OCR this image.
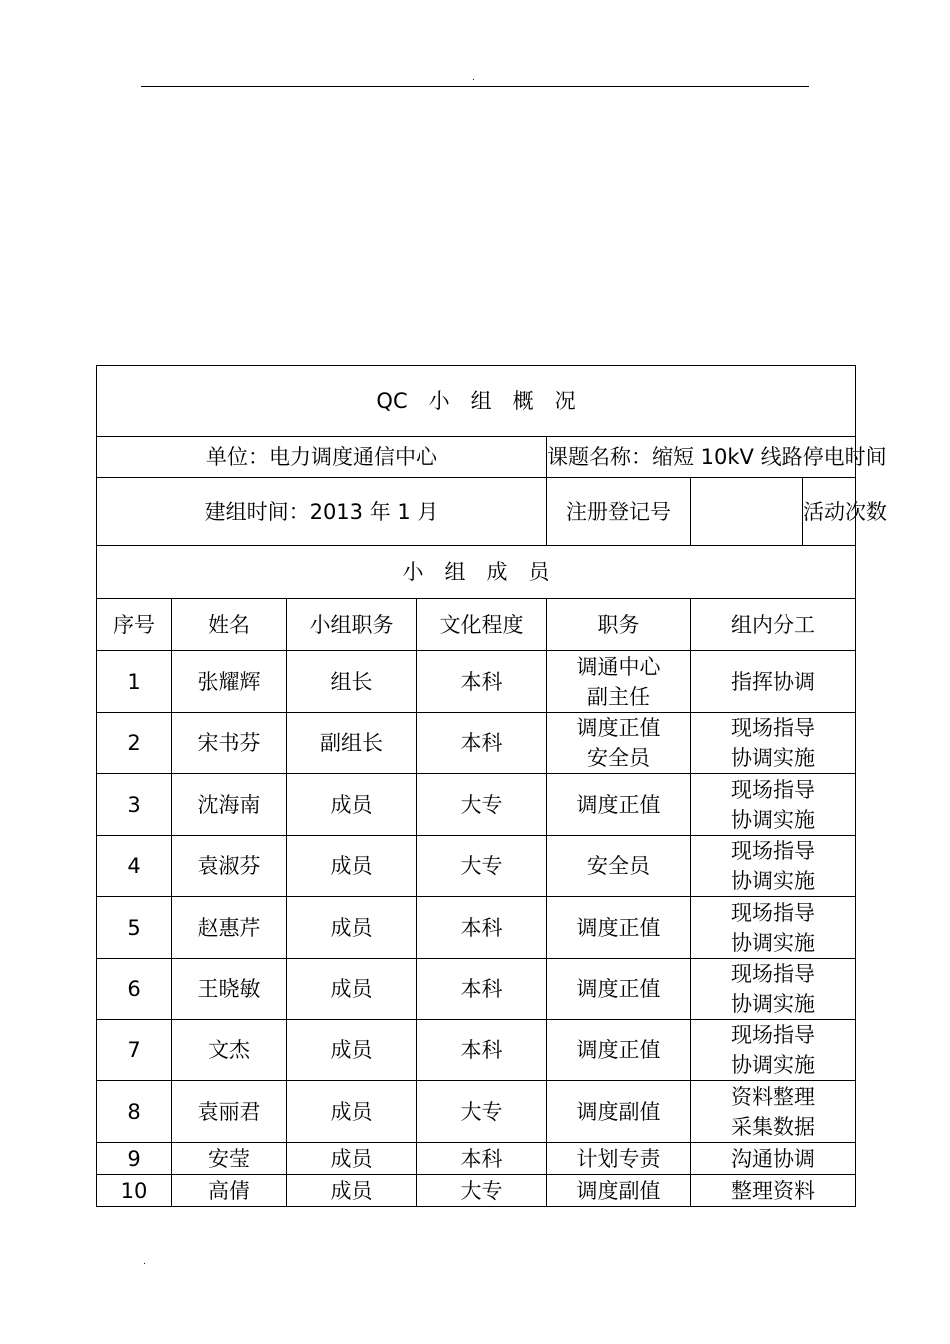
.
QC　小　组　概　况							
单位：电力调度通信中心				课题名称：缩短 10kV 线路停电时间			
建组时间：2013 年 1 月				注册登记号		活动次数	
小　组　成　员							
序号	姓名	小组职务	文化程度	职务	组内分工		
1	张耀辉	组长	本科	调通中心
副主任	指挥协调		

2	宋书芬	副组长	本科	调度正值
安全员	现场指导
协调实施		

3	沈海南	成员	大专	调度正值	现场指导
协调实施		

4	袁淑芬	成员	大专	安全员	现场指导
协调实施		

5	赵惠芹	成员	本科	调度正值	现场指导
协调实施		

6	王晓敏	成员	本科	调度正值	现场指导
协调实施		

7	文杰	成员	本科	调度正值	现场指导
协调实施		

8	袁丽君	成员	大专	调度副值	资料整理
采集数据		

9	安莹	成员	本科	计划专责	沟通协调		

10	高倩	成员	大专	调度副值	整理资料		
.
